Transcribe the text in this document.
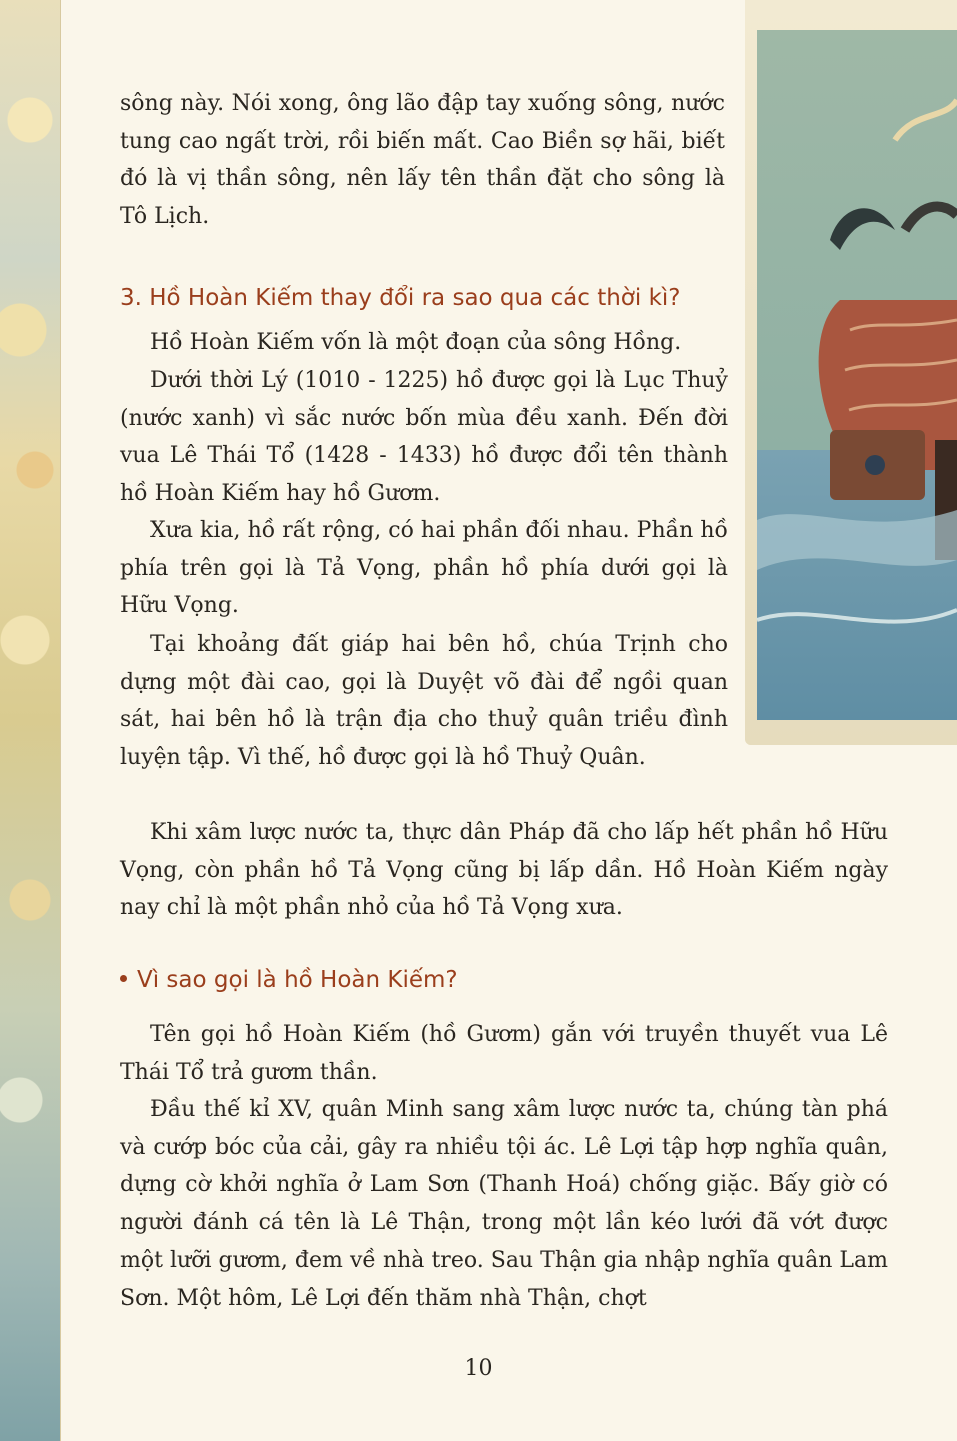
sông này. Nói xong, ông lão đập tay xuống sông, nước tung cao ngất trời, rồi biến mất. Cao Biền sợ hãi, biết đó là vị thần sông, nên lấy tên thần đặt cho sông là Tô Lịch.

3. Hồ Hoàn Kiếm thay đổi ra sao qua các thời kì?

Hồ Hoàn Kiếm vốn là một đoạn của sông Hồng.

Dưới thời Lý (1010 - 1225) hồ được gọi là Lục Thuỷ (nước xanh) vì sắc nước bốn mùa đều xanh. Đến đời vua Lê Thái Tổ (1428 - 1433) hồ được đổi tên thành hồ Hoàn Kiếm hay hồ Gươm.

Xưa kia, hồ rất rộng, có hai phần đối nhau. Phần hồ phía trên gọi là Tả Vọng, phần hồ phía dưới gọi là Hữu Vọng.

Tại khoảng đất giáp hai bên hồ, chúa Trịnh cho dựng một đài cao, gọi là Duyệt võ đài để ngồi quan sát, hai bên hồ là trận địa cho thuỷ quân triều đình luyện tập. Vì thế, hồ được gọi là hồ Thuỷ Quân.

Khi xâm lược nước ta, thực dân Pháp đã cho lấp hết phần hồ Hữu Vọng, còn phần hồ Tả Vọng cũng bị lấp dần. Hồ Hoàn Kiếm ngày nay chỉ là một phần nhỏ của hồ Tả Vọng xưa.

Vì sao gọi là hồ Hoàn Kiếm?

Tên gọi hồ Hoàn Kiếm (hồ Gươm) gắn với truyền thuyết vua Lê Thái Tổ trả gươm thần.

Đầu thế kỉ XV, quân Minh sang xâm lược nước ta, chúng tàn phá và cướp bóc của cải, gây ra nhiều tội ác. Lê Lợi tập hợp nghĩa quân, dựng cờ khởi nghĩa ở Lam Sơn (Thanh Hoá) chống giặc. Bấy giờ có người đánh cá tên là Lê Thận, trong một lần kéo lưới đã vớt được một lưỡi gươm, đem về nhà treo. Sau Thận gia nhập nghĩa quân Lam Sơn. Một hôm, Lê Lợi đến thăm nhà Thận, chợt

10
